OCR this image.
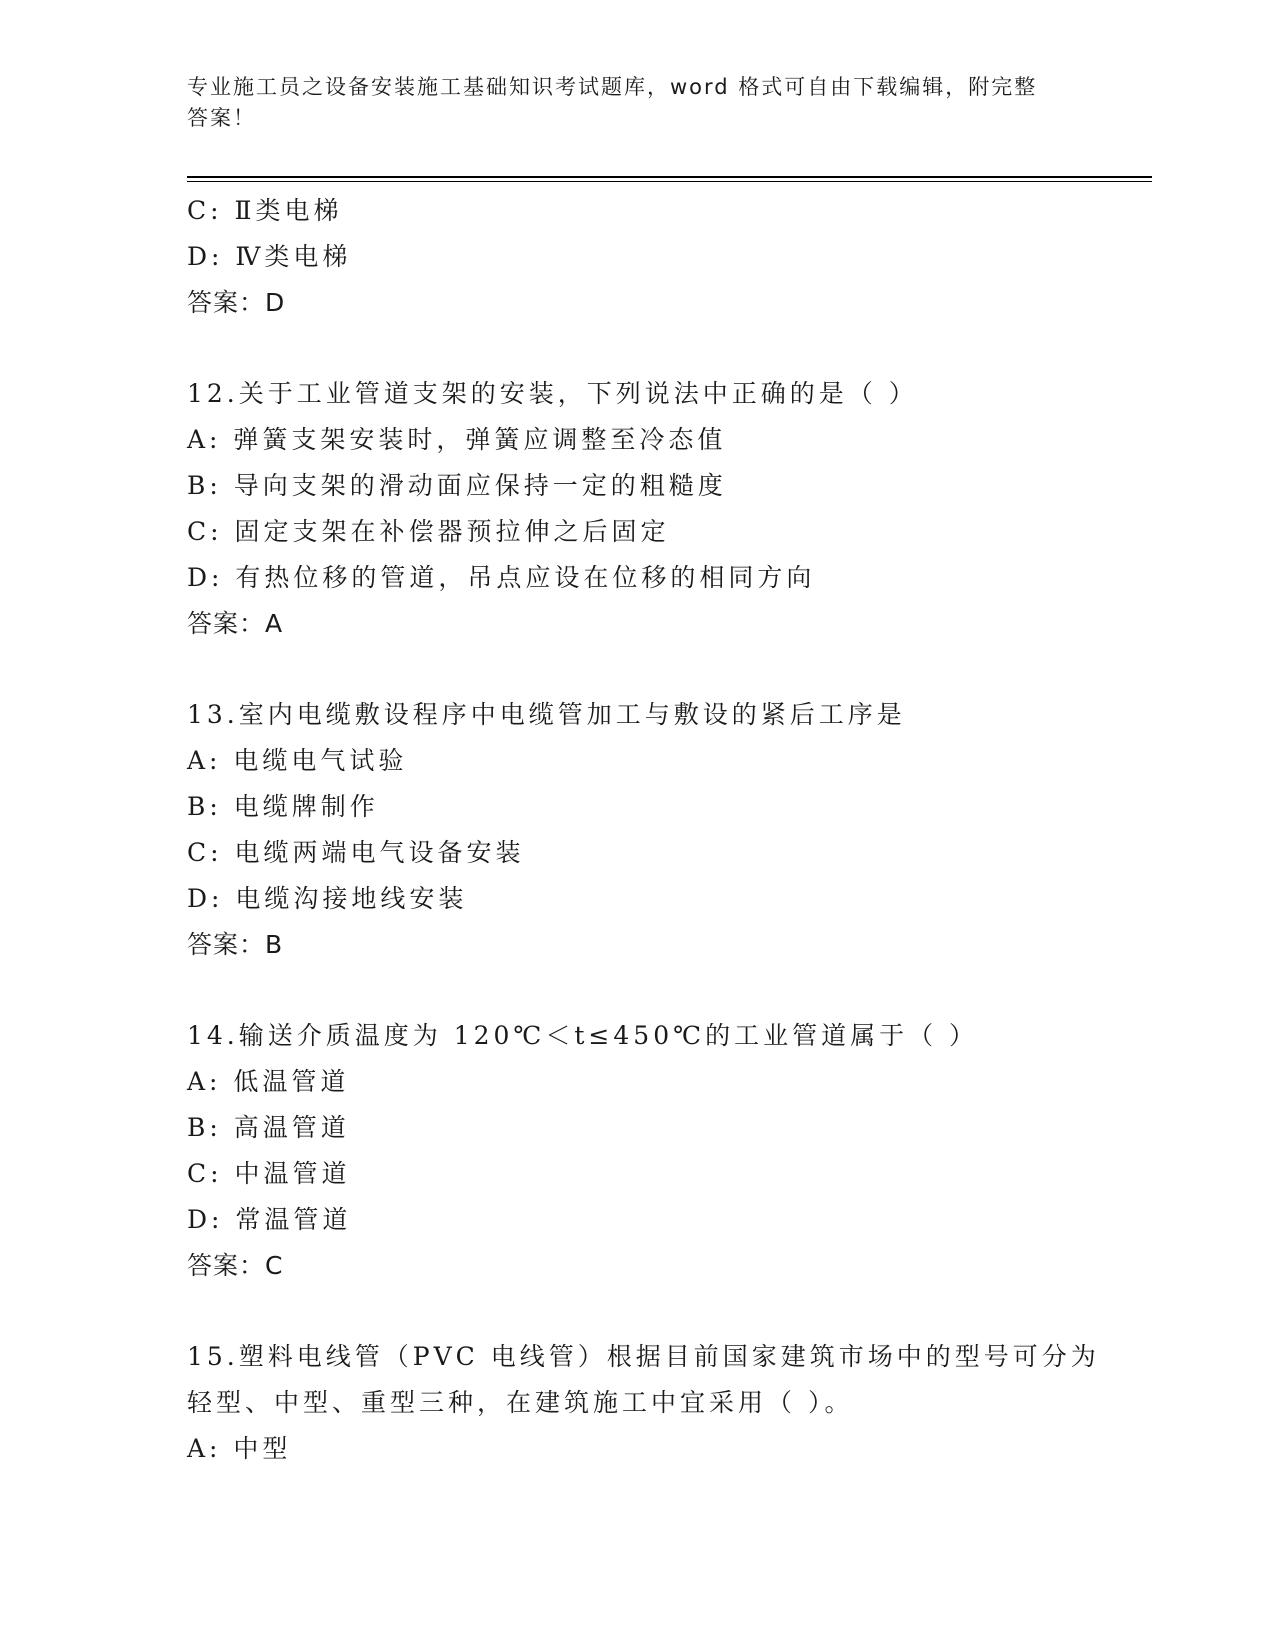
专业施工员之设备安装施工基础知识考试题库，word 格式可自由下载编辑，附完整答案！
C: Ⅱ类电梯
D: Ⅳ类电梯
答案：D
12.关于工业管道支架的安装，下列说法中正确的是（ ）
A: 弹簧支架安装时，弹簧应调整至冷态值
B: 导向支架的滑动面应保持一定的粗糙度
C: 固定支架在补偿器预拉伸之后固定
D: 有热位移的管道，吊点应设在位移的相同方向
答案：A
13.室内电缆敷设程序中电缆管加工与敷设的紧后工序是
A: 电缆电气试验
B: 电缆牌制作
C: 电缆两端电气设备安装
D: 电缆沟接地线安装
答案：B
14.输送介质温度为 120℃＜t≤450℃的工业管道属于（ ）
A: 低温管道
B: 高温管道
C: 中温管道
D: 常温管道
答案：C
15.塑料电线管（PVC 电线管）根据目前国家建筑市场中的型号可分为
轻型、中型、重型三种，在建筑施工中宜采用（ ）。
A: 中型
